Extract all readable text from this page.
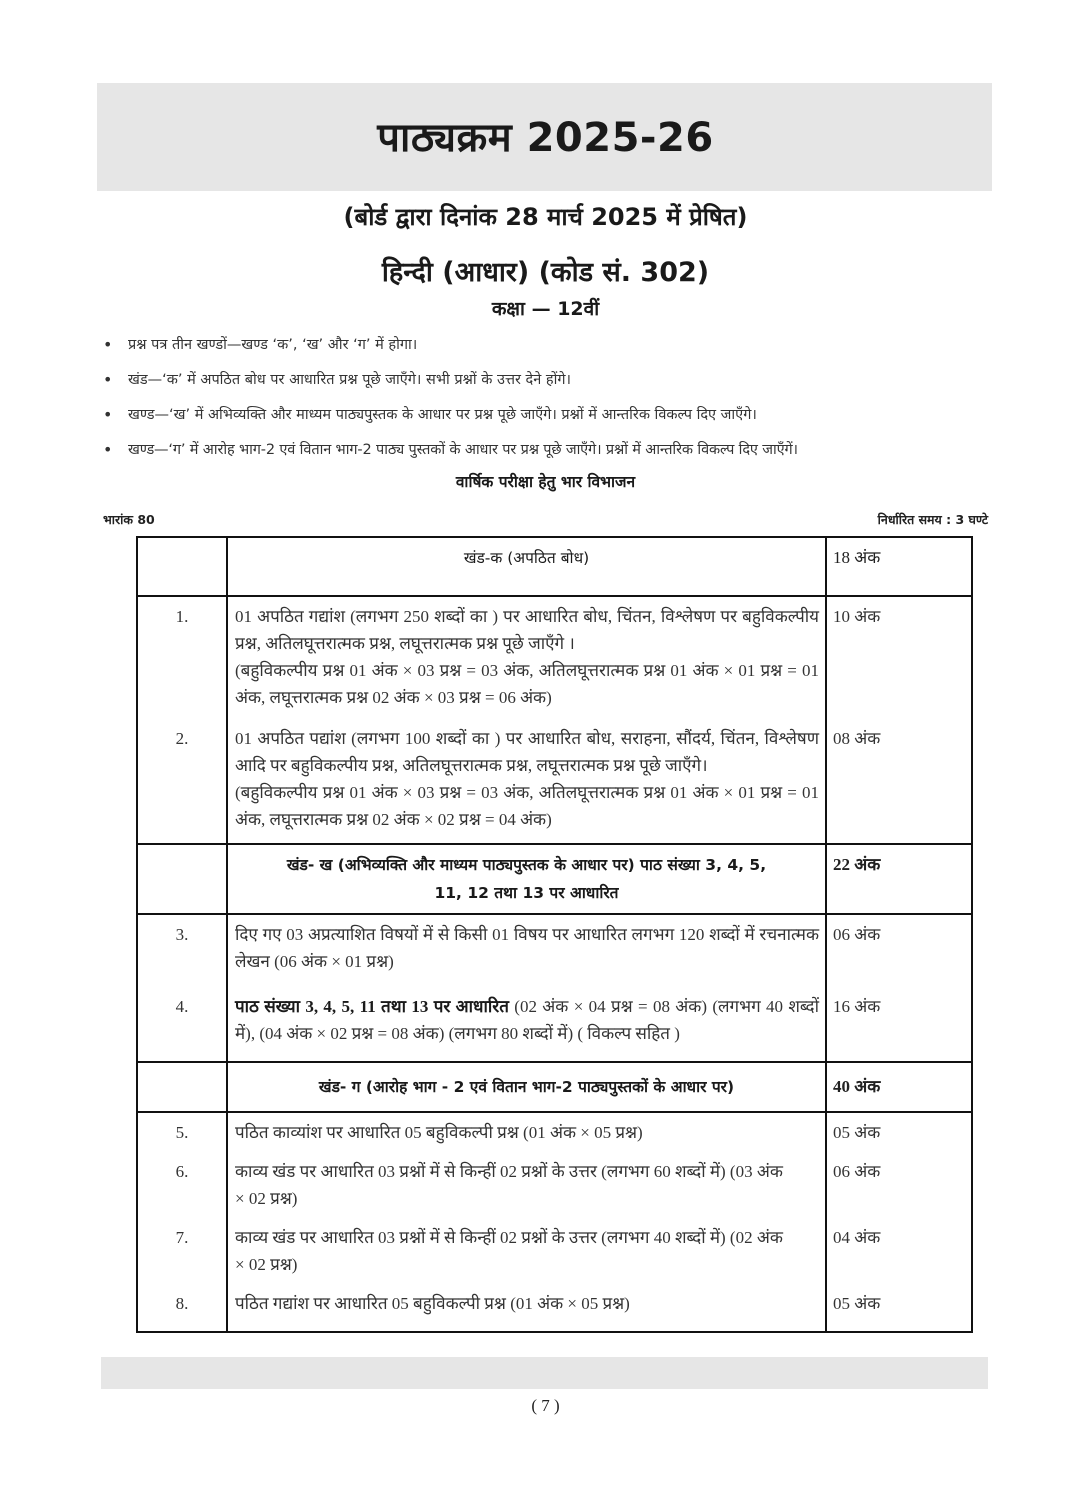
पाठ्यक्रम 2025-26
(बोर्ड द्वारा दिनांक 28 मार्च 2025 में प्रेषित)
हिन्दी (आधार) (कोड सं. 302)
कक्षा — 12वीं
• प्रश्न पत्र तीन खण्डों—खण्ड ‘क’, ‘ख’ और ‘ग’ में होगा।
• खंड—‘क’ में अपठित बोध पर आधारित प्रश्न पूछे जाएँगे। सभी प्रश्नों के उत्तर देने होंगे।
• खण्ड—‘ख’ में अभिव्यक्ति और माध्यम पाठ्यपुस्तक के आधार पर प्रश्न पूछे जाएँगे। प्रश्नों में आन्तरिक विकल्प दिए जाएँगे।
• खण्ड—‘ग’ में आरोह भाग-2 एवं वितान भाग-2 पाठ्य पुस्तकों के आधार पर प्रश्न पूछे जाएँगे। प्रश्नों में आन्तरिक विकल्प दिए जाएँगें।
वार्षिक परीक्षा हेतु भार विभाजन
भारांक 80	निर्धारित समय : 3 घण्टे
	खंड-क (अपठित बोध)	18 अंक
1.	01 अपठित गद्यांश (लगभग 250 शब्दों का ) पर आधारित बोध, चिंतन, विश्लेषण पर बहुविकल्पीय प्रश्न, अतिलघूत्तरात्मक प्रश्न, लघूत्तरात्मक प्रश्न पूछे जाएँगे ।
(बहुविकल्पीय प्रश्न 01 अंक × 03 प्रश्न = 03 अंक, अतिलघूत्तरात्मक प्रश्न 01 अंक × 01 प्रश्न = 01 अंक, लघूत्तरात्मक प्रश्न 02 अंक × 03 प्रश्न = 06 अंक)	10 अंक
2.	01 अपठित पद्यांश (लगभग 100 शब्दों का ) पर आधारित बोध, सराहना, सौंदर्य, चिंतन, विश्लेषण आदि पर बहुविकल्पीय प्रश्न, अतिलघूत्तरात्मक प्रश्न, लघूत्तरात्मक प्रश्न पूछे जाएँगे।
(बहुविकल्पीय प्रश्न 01 अंक × 03 प्रश्न = 03 अंक, अतिलघूत्तरात्मक प्रश्न 01 अंक × 01 प्रश्न = 01 अंक, लघूत्तरात्मक प्रश्न 02 अंक × 02 प्रश्न = 04 अंक)	08 अंक
	खंड- ख (अभिव्यक्ति और माध्यम पाठ्यपुस्तक के आधार पर) पाठ संख्या 3, 4, 5, 11, 12 तथा 13 पर आधारित	22 अंक
3.	दिए गए 03 अप्रत्याशित विषयों में से किसी 01 विषय पर आधारित लगभग 120 शब्दों में रचनात्मक लेखन (06 अंक × 01 प्रश्न)	06 अंक
4.	पाठ संख्या 3, 4, 5, 11 तथा 13 पर आधारित (02 अंक × 04 प्रश्न = 08 अंक) (लगभग 40 शब्दों में), (04 अंक × 02 प्रश्न = 08 अंक) (लगभग 80 शब्दों में) ( विकल्प सहित )	16 अंक
	खंड- ग (आरोह भाग - 2 एवं वितान भाग-2 पाठ्यपुस्तकों के आधार पर)	40 अंक
5.	पठित काव्यांश पर आधारित 05 बहुविकल्पी प्रश्न (01 अंक × 05 प्रश्न)	05 अंक
6.	काव्य खंड पर आधारित 03 प्रश्नों में से किन्हीं 02 प्रश्नों के उत्तर (लगभग 60 शब्दों में) (03 अंक × 02 प्रश्न)	06 अंक
7.	काव्य खंड पर आधारित 03 प्रश्नों में से किन्हीं 02 प्रश्नों के उत्तर (लगभग 40 शब्दों में) (02 अंक × 02 प्रश्न)	04 अंक
8.	पठित गद्यांश पर आधारित 05 बहुविकल्पी प्रश्न (01 अंक × 05 प्रश्न)	05 अंक
( 7 )
